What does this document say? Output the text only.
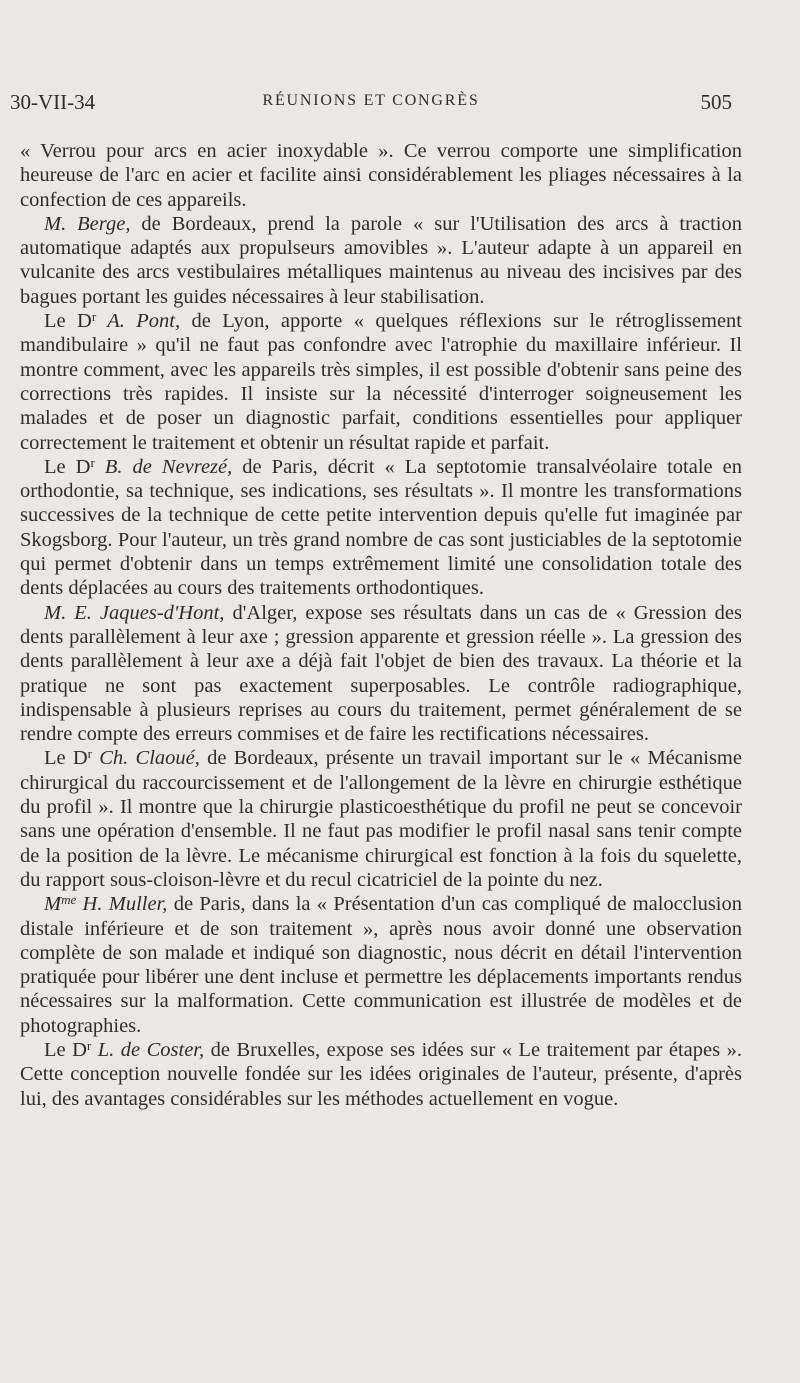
30-VII-34	RÉUNIONS ET CONGRÈS	505

« Verrou pour arcs en acier inoxydable ». Ce verrou comporte une simplification heureuse de l'arc en acier et facilite ainsi considérablement les pliages nécessaires à la confection de ces appareils.

M. Berge, de Bordeaux, prend la parole « sur l'Utilisation des arcs à traction automatique adaptés aux propulseurs amovibles ». L'auteur adapte à un appareil en vulcanite des arcs vestibulaires métalliques maintenus au niveau des incisives par des bagues portant les guides nécessaires à leur stabilisation.

Le $D^r$ A. Pont, de Lyon, apporte « quelques réflexions sur le rétroglissement mandibulaire » qu'il ne faut pas confondre avec l'atrophie du maxillaire inférieur. Il montre comment, avec les appareils très simples, il est possible d'obtenir sans peine des corrections très rapides. Il insiste sur la nécessité d'interroger soigneusement les malades et de poser un diagnostic parfait, conditions essentielles pour appliquer correctement le traitement et obtenir un résultat rapide et parfait.

Le $D^r$ B. de Nevrezé, de Paris, décrit « La septotomie transalvéolaire totale en orthodontie, sa technique, ses indications, ses résultats ». Il montre les transformations successives de la technique de cette petite intervention depuis qu'elle fut imaginée par Skogsborg. Pour l'auteur, un très grand nombre de cas sont justiciables de la septotomie qui permet d'obtenir dans un temps extrêmement limité une consolidation totale des dents déplacées au cours des traitements orthodontiques.

M. E. Jaques-d'Hont, d'Alger, expose ses résultats dans un cas de « Gression des dents parallèlement à leur axe ; gression apparente et gression réelle ». La gression des dents parallèlement à leur axe a déjà fait l'objet de bien des travaux. La théorie et la pratique ne sont pas exactement superposables. Le contrôle radiographique, indispensable à plusieurs reprises au cours du traitement, permet généralement de se rendre compte des erreurs commises et de faire les rectifications nécessaires.

Le $D^r$ Ch. Claoué, de Bordeaux, présente un travail important sur le « Mécanisme chirurgical du raccourcissement et de l'allongement de la lèvre en chirurgie esthétique du profil ». Il montre que la chirurgie plasticoesthétique du profil ne peut se concevoir sans une opération d'ensemble. Il ne faut pas modifier le profil nasal sans tenir compte de la position de la lèvre. Le mécanisme chirurgical est fonction à la fois du squelette, du rapport sous-cloison-lèvre et du recul cicatriciel de la pointe du nez.

$M^{me}$ H. Muller, de Paris, dans la « Présentation d'un cas compliqué de malocclusion distale inférieure et de son traitement », après nous avoir donné une observation complète de son malade et indiqué son diagnostic, nous décrit en détail l'intervention pratiquée pour libérer une dent incluse et permettre les déplacements importants rendus nécessaires sur la malformation. Cette communication est illustrée de modèles et de photographies.

Le $D^r$ L. de Coster, de Bruxelles, expose ses idées sur « Le traitement par étapes ». Cette conception nouvelle fondée sur les idées originales de l'auteur, présente, d'après lui, des avantages considérables sur les méthodes actuellement en vogue.
